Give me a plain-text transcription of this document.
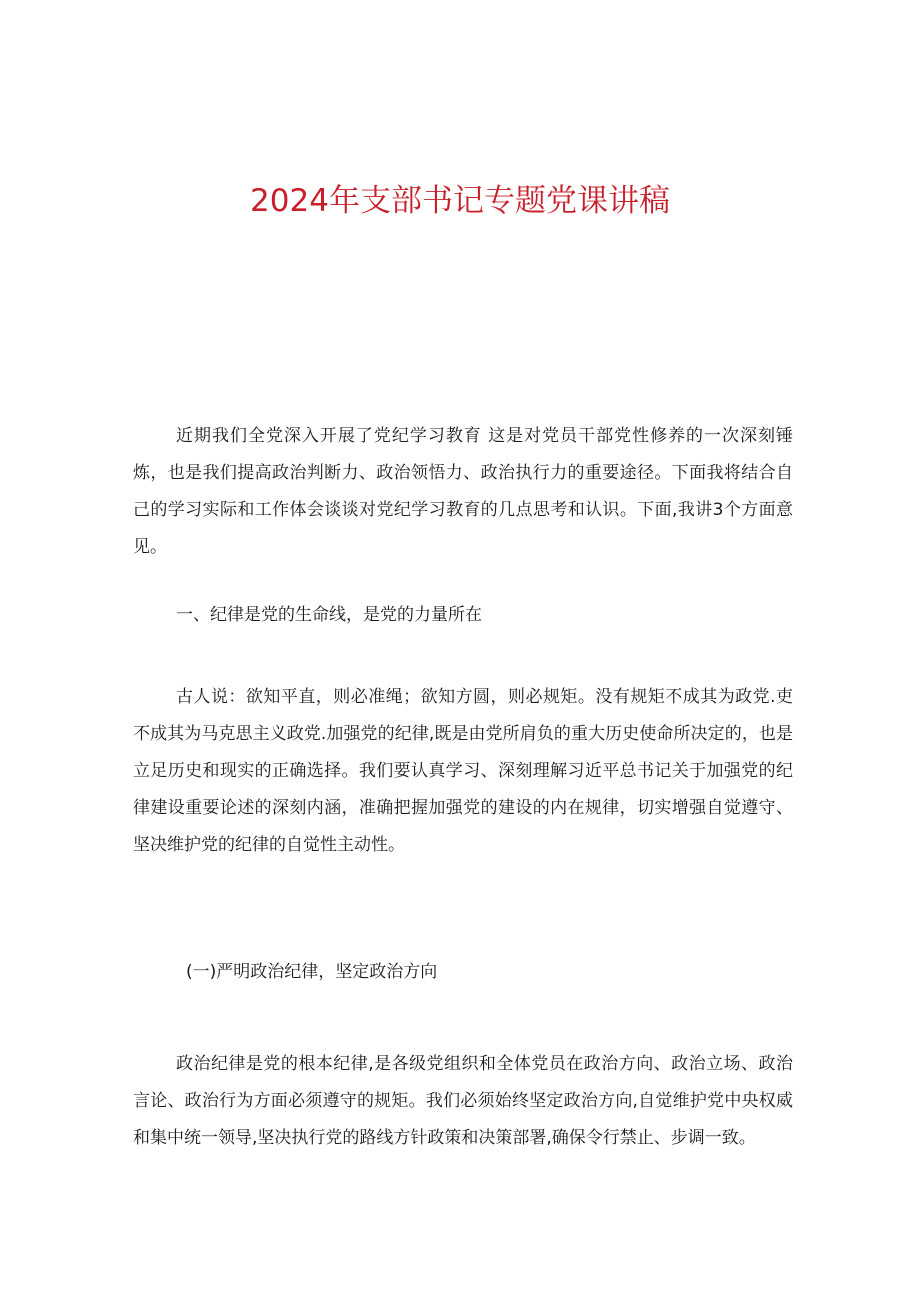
2024年支部书记专题党课讲稿

近期我们全党深入开展了党纪学习教育 这是对党员干部党性修养的一次深刻锤炼，也是我们提高政治判断力、政治领悟力、政治执行力的重要途径。下面我将结合自己的学习实际和工作体会谈谈对党纪学习教育的几点思考和认识。下面,我讲3个方面意见。

一、纪律是党的生命线，是党的力量所在

古人说：欲知平直，则必准绳；欲知方圆，则必规矩。没有规矩不成其为政党.吏不成其为马克思主义政党.加强党的纪律,既是由党所肩负的重大历史使命所决定的，也是立足历史和现实的正确选择。我们要认真学习、深刻理解习近平总书记关于加强党的纪律建设重要论述的深刻内涵，准确把握加强党的建设的内在规律，切实增强自觉遵守、坚决维护党的纪律的自觉性主动性。

(一)严明政治纪律，坚定政治方向

政治纪律是党的根本纪律,是各级党组织和全体党员在政治方向、政治立场、政治言论、政治行为方面必须遵守的规矩。我们必须始终坚定政治方向,自觉维护党中央权威和集中统一领导,坚决执行党的路线方针政策和决策部署,确保令行禁止、步调一致。
